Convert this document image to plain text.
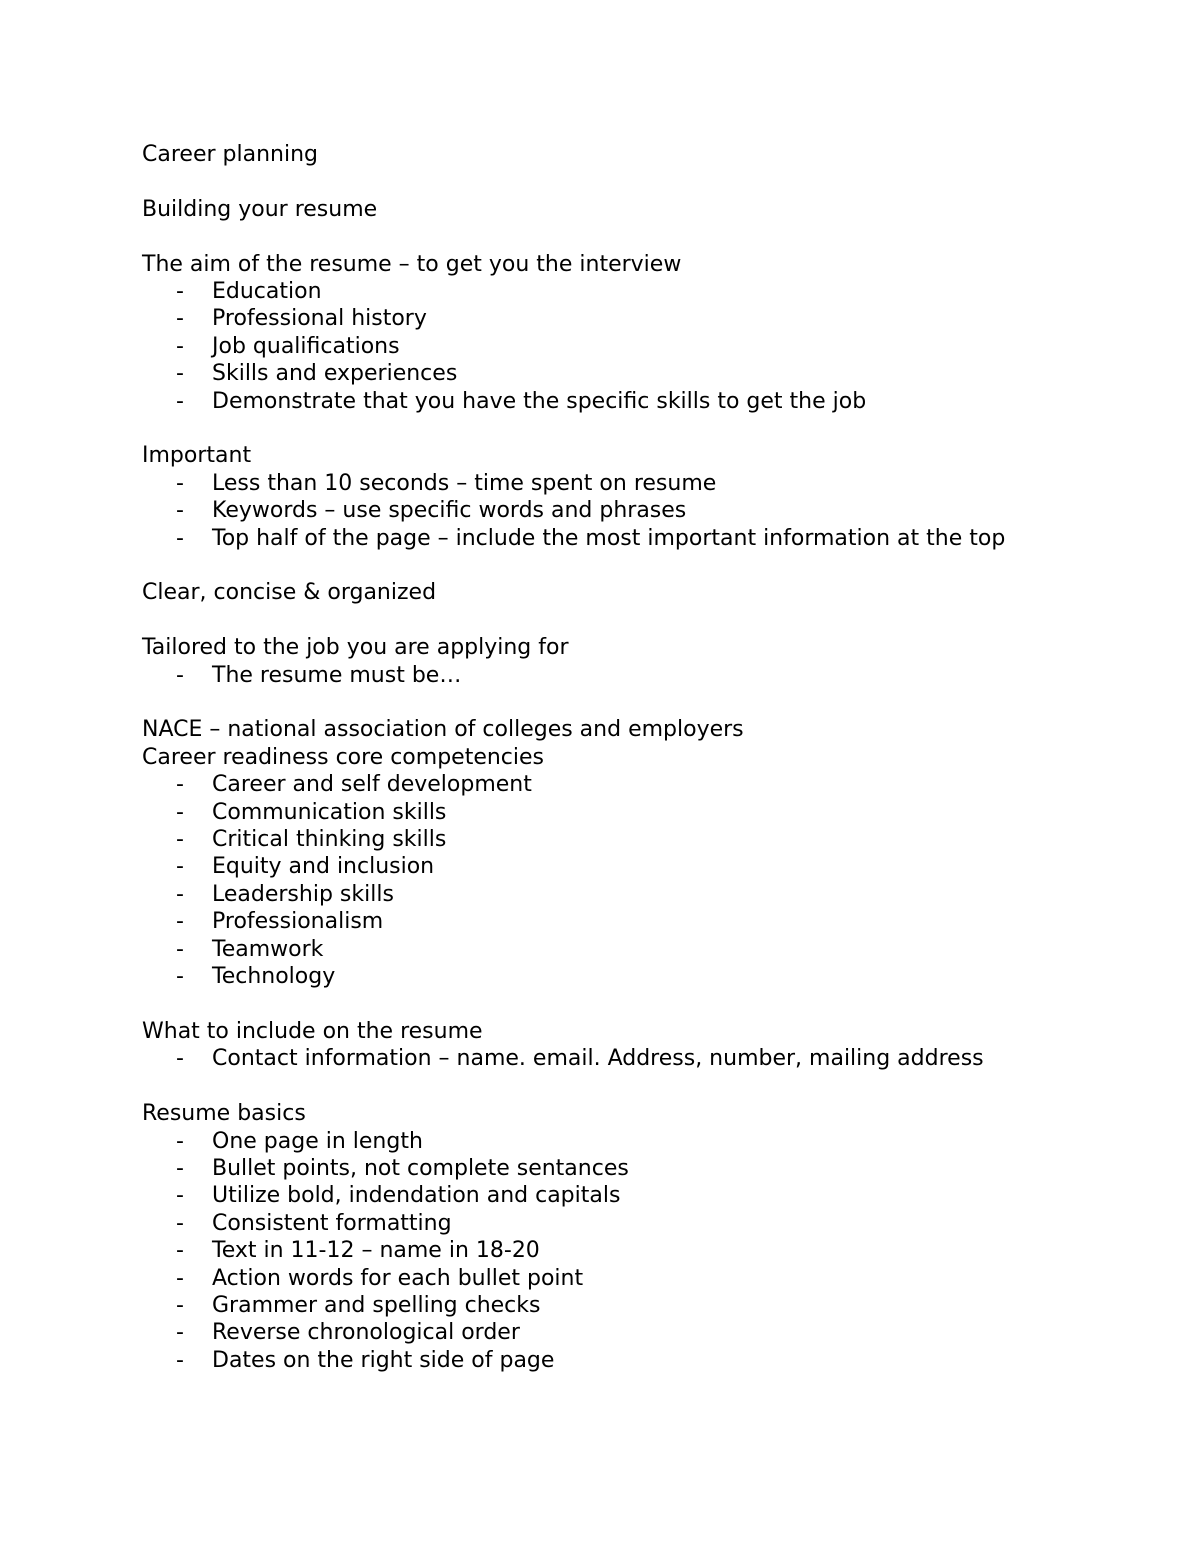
Career planning

Building your resume

The aim of the resume – to get you the interview

- Education
- Professional history
- Job qualifications
- Skills and experiences
- Demonstrate that you have the specific skills to get the job

Important

- Less than 10 seconds – time spent on resume
- Keywords – use specific words and phrases
- Top half of the page – include the most important information at the top

Clear, concise & organized

Tailored to the job you are applying for

- The resume must be…

NACE – national association of colleges and employers

Career readiness core competencies

- Career and self development
- Communication skills
- Critical thinking skills
- Equity and inclusion
- Leadership skills
- Professionalism
- Teamwork
- Technology

What to include on the resume

- Contact information – name. email. Address, number, mailing address

Resume basics

- One page in length
- Bullet points, not complete sentances
- Utilize bold, indendation and capitals
- Consistent formatting
- Text in 11-12 – name in 18-20
- Action words for each bullet point
- Grammer and spelling checks
- Reverse chronological order
- Dates on the right side of page
